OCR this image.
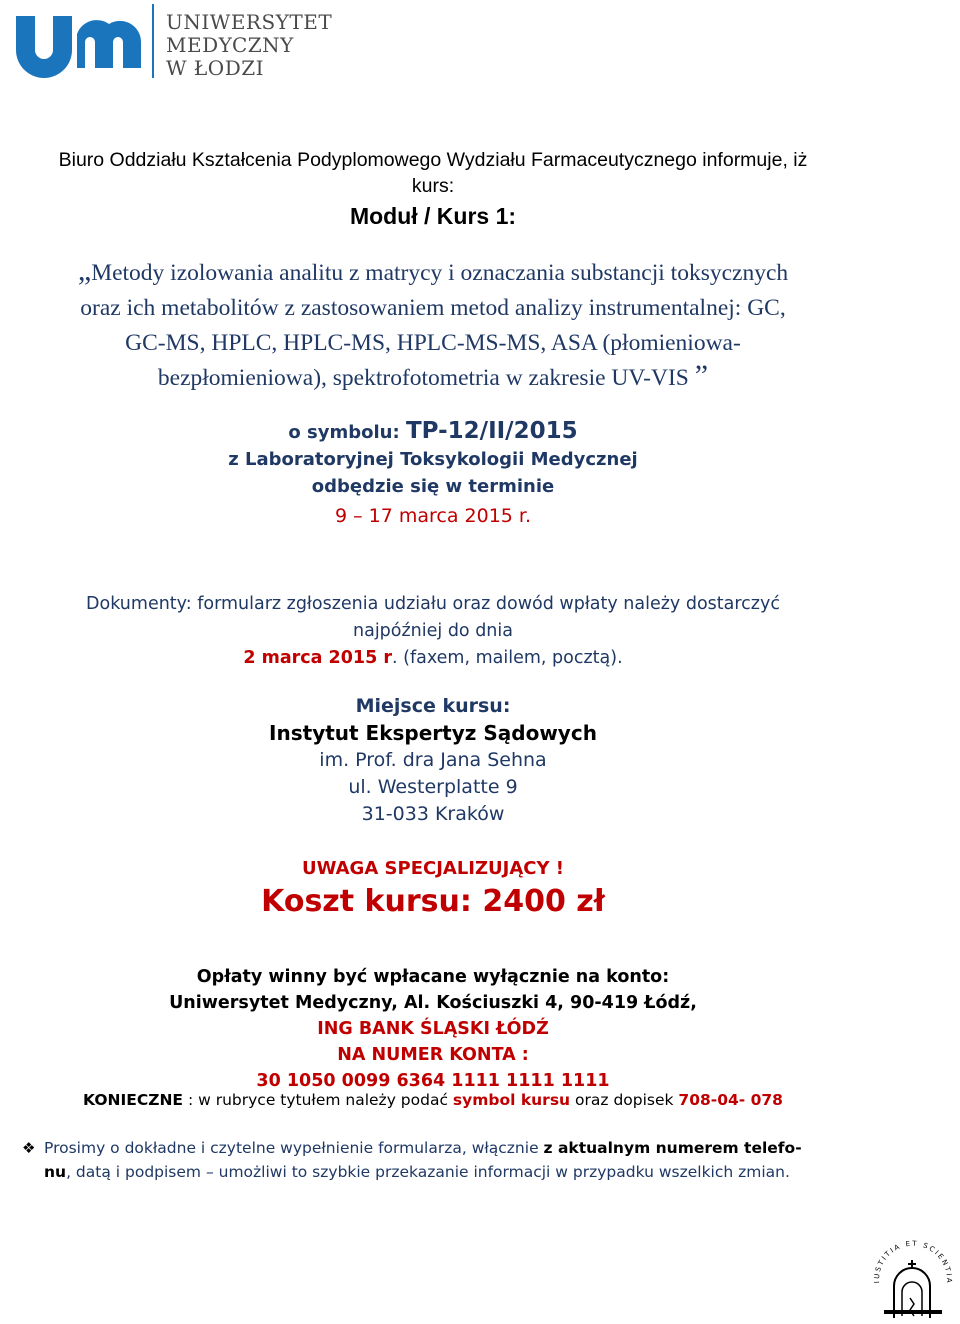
UNIWERSYTET
MEDYCZNY
W ŁODZI
Biuro Oddziału Kształcenia Podyplomowego Wydziału Farmaceutycznego informuje, iż
kurs:
Moduł / Kurs 1:
„Metody izolowania analitu z matrycy i oznaczania substancji toksycznych
oraz ich metabolitów z zastosowaniem metod analizy instrumentalnej: GC,
GC-MS, HPLC, HPLC-MS, HPLC-MS-MS, ASA (płomieniowa-
bezpłomieniowa), spektrofotometria w zakresie UV-VIS ”
o symbolu: TP-12/II/2015
z Laboratoryjnej Toksykologii Medycznej
odbędzie się w terminie
9 – 17 marca 2015 r.
Dokumenty: formularz zgłoszenia udziału oraz dowód wpłaty należy dostarczyć
najpóźniej do dnia
2 marca 2015 r. (faxem, mailem, pocztą).
Miejsce kursu:
Instytut Ekspertyz Sądowych
im. Prof. dra Jana Sehna
ul. Westerplatte 9
31-033 Kraków
UWAGA SPECJALIZUJĄCY !
Koszt kursu: 2400 zł
Opłaty winny być wpłacane wyłącznie na konto:
Uniwersytet Medyczny, Al. Kościuszki 4, 90-419 Łódź,
ING BANK ŚLĄSKI ŁÓDŹ
NA NUMER KONTA :
30 1050 0099 6364 1111 1111 1111
KONIECZNE : w rubryce tytułem należy podać symbol kursu oraz dopisek 708-04- 078
❖ Prosimy o dokładne i czytelne wypełnienie formularza, włącznie z aktualnym numerem telefo-
nu, datą i podpisem – umożliwi to szybkie przekazanie informacji w przypadku wszelkich zmian.
IUSTITIA ET SCIENTIA
